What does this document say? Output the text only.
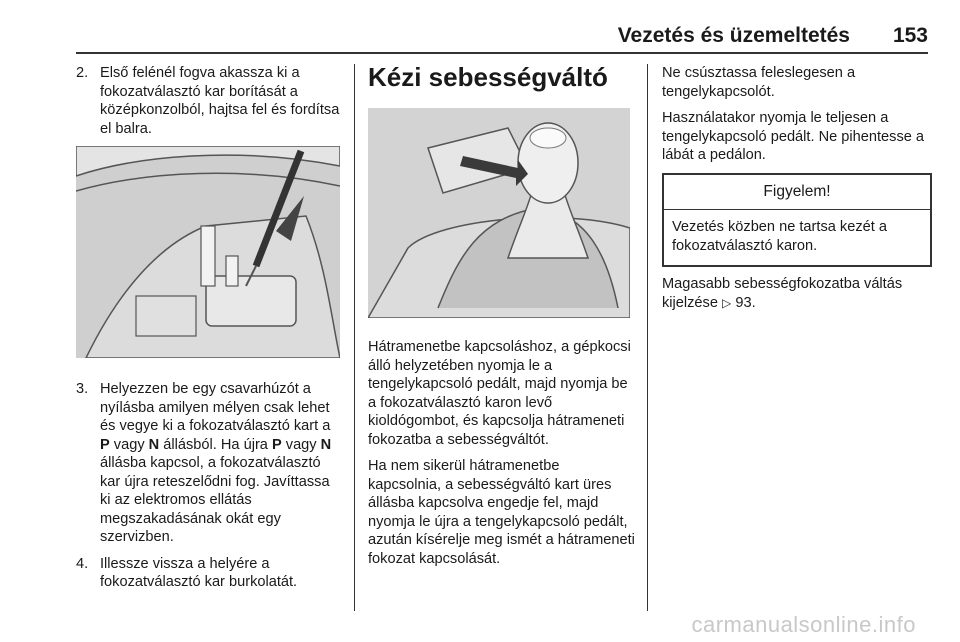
Vezetés és üzemeltetés 153
2. Első felénél fogva akassza ki a fokozatválasztó kar borítását a középkonzolból, hajtsa fel és fordítsa el balra.
3. Helyezzen be egy csavarhúzót a nyílásba amilyen mélyen csak lehet és vegye ki a fokozatválasztó kart a P vagy N állásból. Ha újra P vagy N állásba kapcsol, a fokozatválasztó kar újra reteszelődni fog. Javíttassa ki az elektromos ellátás megszakadásának okát egy szervizben.
4. Illessze vissza a helyére a fokozatválasztó kar burkolatát.
Kézi sebességváltó

Hátramenetbe kapcsoláshoz, a gépkocsi álló helyzetében nyomja le a tengelykapcsoló pedált, majd nyomja be a fokozatválasztó karon levő kioldógombot, és kapcsolja hátrameneti fokozatba a sebességváltót.

Ha nem sikerül hátramenetbe kapcsolnia, a sebességváltó kart üres állásba kapcsolva engedje fel, majd nyomja le újra a tengelykapcsoló pedált, azután kísérelje meg ismét a hátrameneti fokozat kapcsolását.

Ne csúsztassa feleslegesen a tengelykapcsolót.

Használatakor nyomja le teljesen a tengelykapcsoló pedált. Ne pihentesse a lábát a pedálon.

Figyelem!
Vezetés közben ne tartsa kezét a fokozatválasztó karon.

Magasabb sebességfokozatba váltás kijelzése ▷ 93.

carmanualsonline.info
